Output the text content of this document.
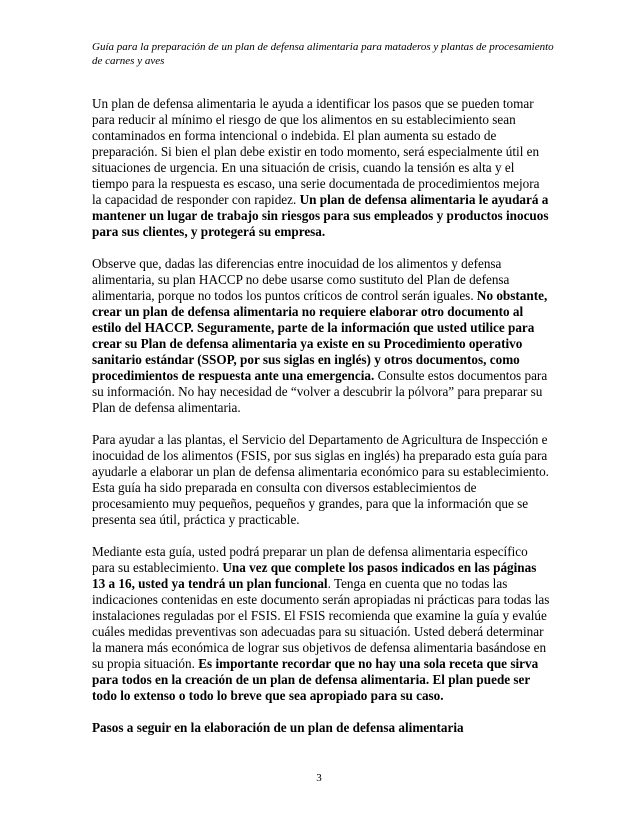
Guía para la preparación de un plan de defensa alimentaria para mataderos y plantas de procesamiento de carnes y aves

Un plan de defensa alimentaria le ayuda a identificar los pasos que se pueden tomar para reducir al mínimo el riesgo de que los alimentos en su establecimiento sean contaminados en forma intencional o indebida. El plan aumenta su estado de preparación. Si bien el plan debe existir en todo momento, será especialmente útil en situaciones de urgencia. En una situación de crisis, cuando la tensión es alta y el tiempo para la respuesta es escaso, una serie documentada de procedimientos mejora la capacidad de responder con rapidez. Un plan de defensa alimentaria le ayudará a mantener un lugar de trabajo sin riesgos para sus empleados y productos inocuos para sus clientes, y protegerá su empresa.

Observe que, dadas las diferencias entre inocuidad de los alimentos y defensa alimentaria, su plan HACCP no debe usarse como sustituto del Plan de defensa alimentaria, porque no todos los puntos críticos de control serán iguales. No obstante, crear un plan de defensa alimentaria no requiere elaborar otro documento al estilo del HACCP. Seguramente, parte de la información que usted utilice para crear su Plan de defensa alimentaria ya existe en su Procedimiento operativo sanitario estándar (SSOP, por sus siglas en inglés) y otros documentos, como procedimientos de respuesta ante una emergencia. Consulte estos documentos para su información. No hay necesidad de “volver a descubrir la pólvora” para preparar su Plan de defensa alimentaria.

Para ayudar a las plantas, el Servicio del Departamento de Agricultura de Inspección e inocuidad de los alimentos (FSIS, por sus siglas en inglés) ha preparado esta guía para ayudarle a elaborar un plan de defensa alimentaria económico para su establecimiento. Esta guía ha sido preparada en consulta con diversos establecimientos de procesamiento muy pequeños, pequeños y grandes, para que la información que se presenta sea útil, práctica y practicable.

Mediante esta guía, usted podrá preparar un plan de defensa alimentaria específico para su establecimiento. Una vez que complete los pasos indicados en las páginas 13 a 16, usted ya tendrá un plan funcional. Tenga en cuenta que no todas las indicaciones contenidas en este documento serán apropiadas ni prácticas para todas las instalaciones reguladas por el FSIS. El FSIS recomienda que examine la guía y evalúe cuáles medidas preventivas son adecuadas para su situación. Usted deberá determinar la manera más económica de lograr sus objetivos de defensa alimentaria basándose en su propia situación. Es importante recordar que no hay una sola receta que sirva para todos en la creación de un plan de defensa alimentaria. El plan puede ser todo lo extenso o todo lo breve que sea apropiado para su caso.

Pasos a seguir en la elaboración de un plan de defensa alimentaria
3
